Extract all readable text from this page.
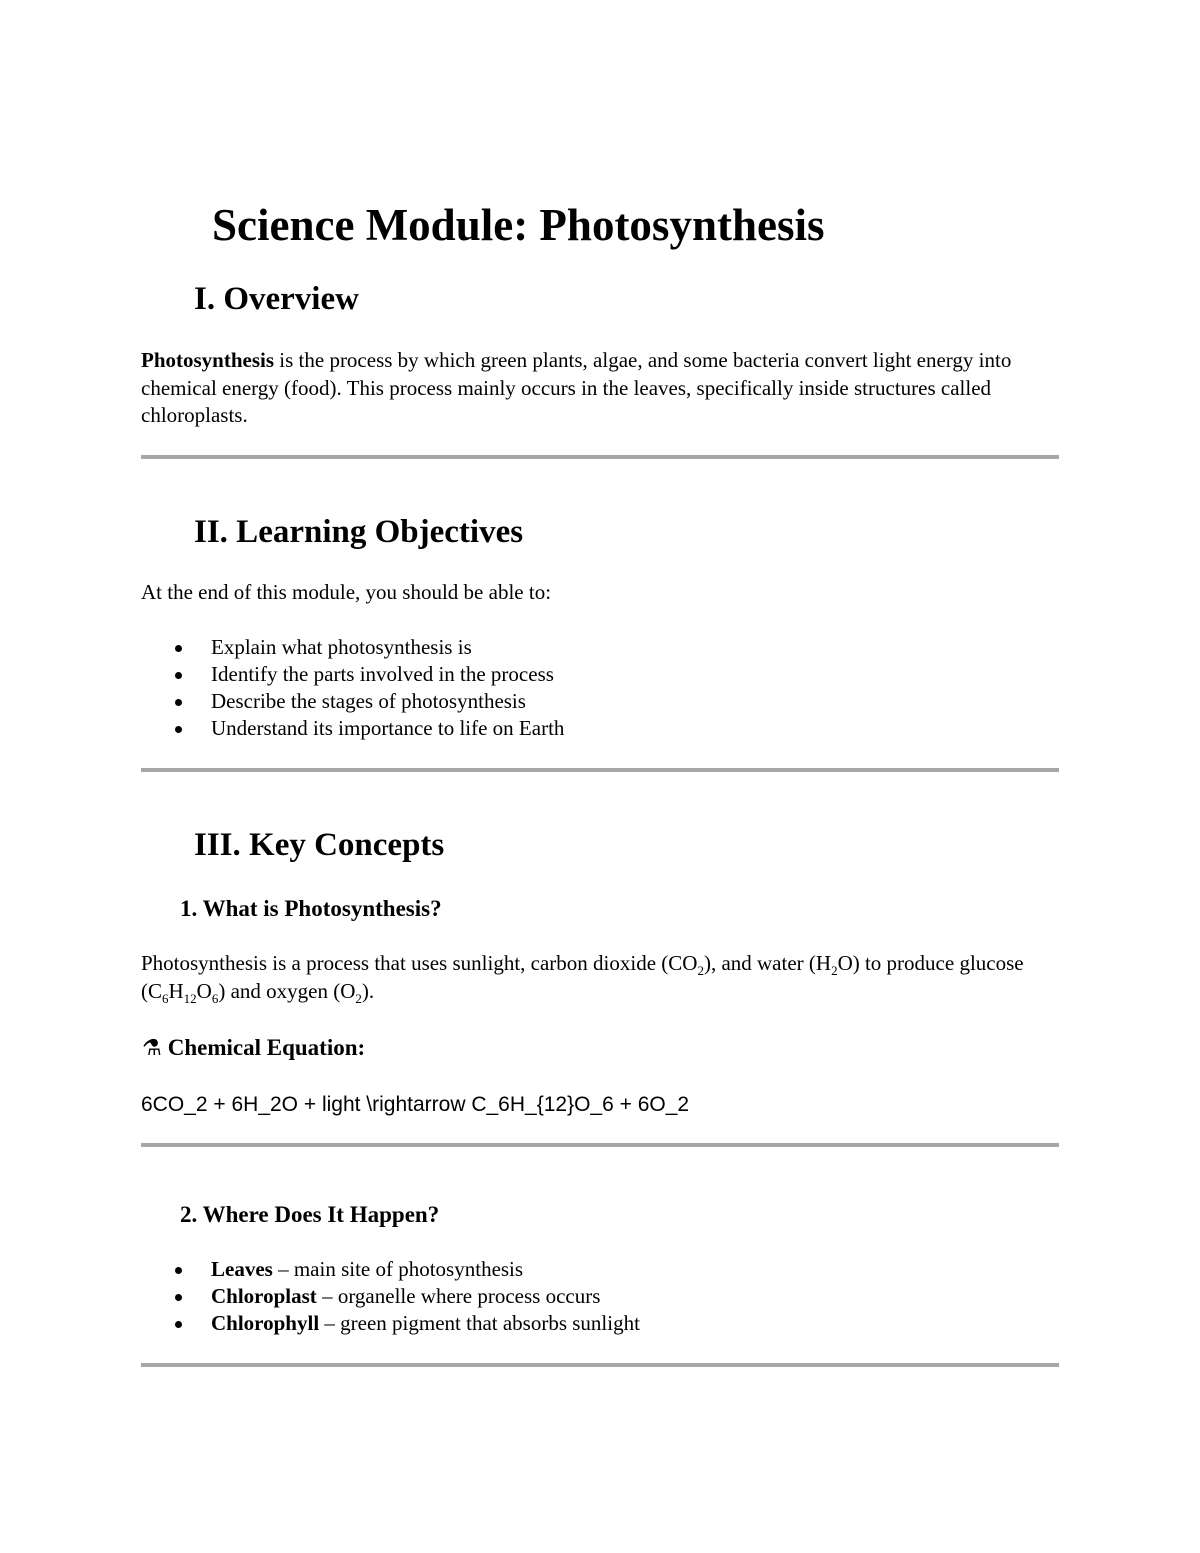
Science Module: Photosynthesis
I. Overview

Photosynthesis is the process by which green plants, algae, and some bacteria convert light energy into chemical energy (food). This process mainly occurs in the leaves, specifically inside structures called chloroplasts.

II. Learning Objectives

At the end of this module, you should be able to:

Explain what photosynthesis is
Identify the parts involved in the process
Describe the stages of photosynthesis
Understand its importance to life on Earth
III. Key Concepts
1. What is Photosynthesis?

Photosynthesis is a process that uses sunlight, carbon dioxide $(CO_2)$, and water $(H_2O)$ to produce glucose $(C_6H_{12}O_6)$ and oxygen $(O_2)$.

⚗ Chemical Equation:

6CO_2 + 6H_2O + light \rightarrow C_6H_{12}O_6 + 6O_2

2. Where Does It Happen?
Leaves – main site of photosynthesis
Chloroplast – organelle where process occurs
Chlorophyll – green pigment that absorbs sunlight
